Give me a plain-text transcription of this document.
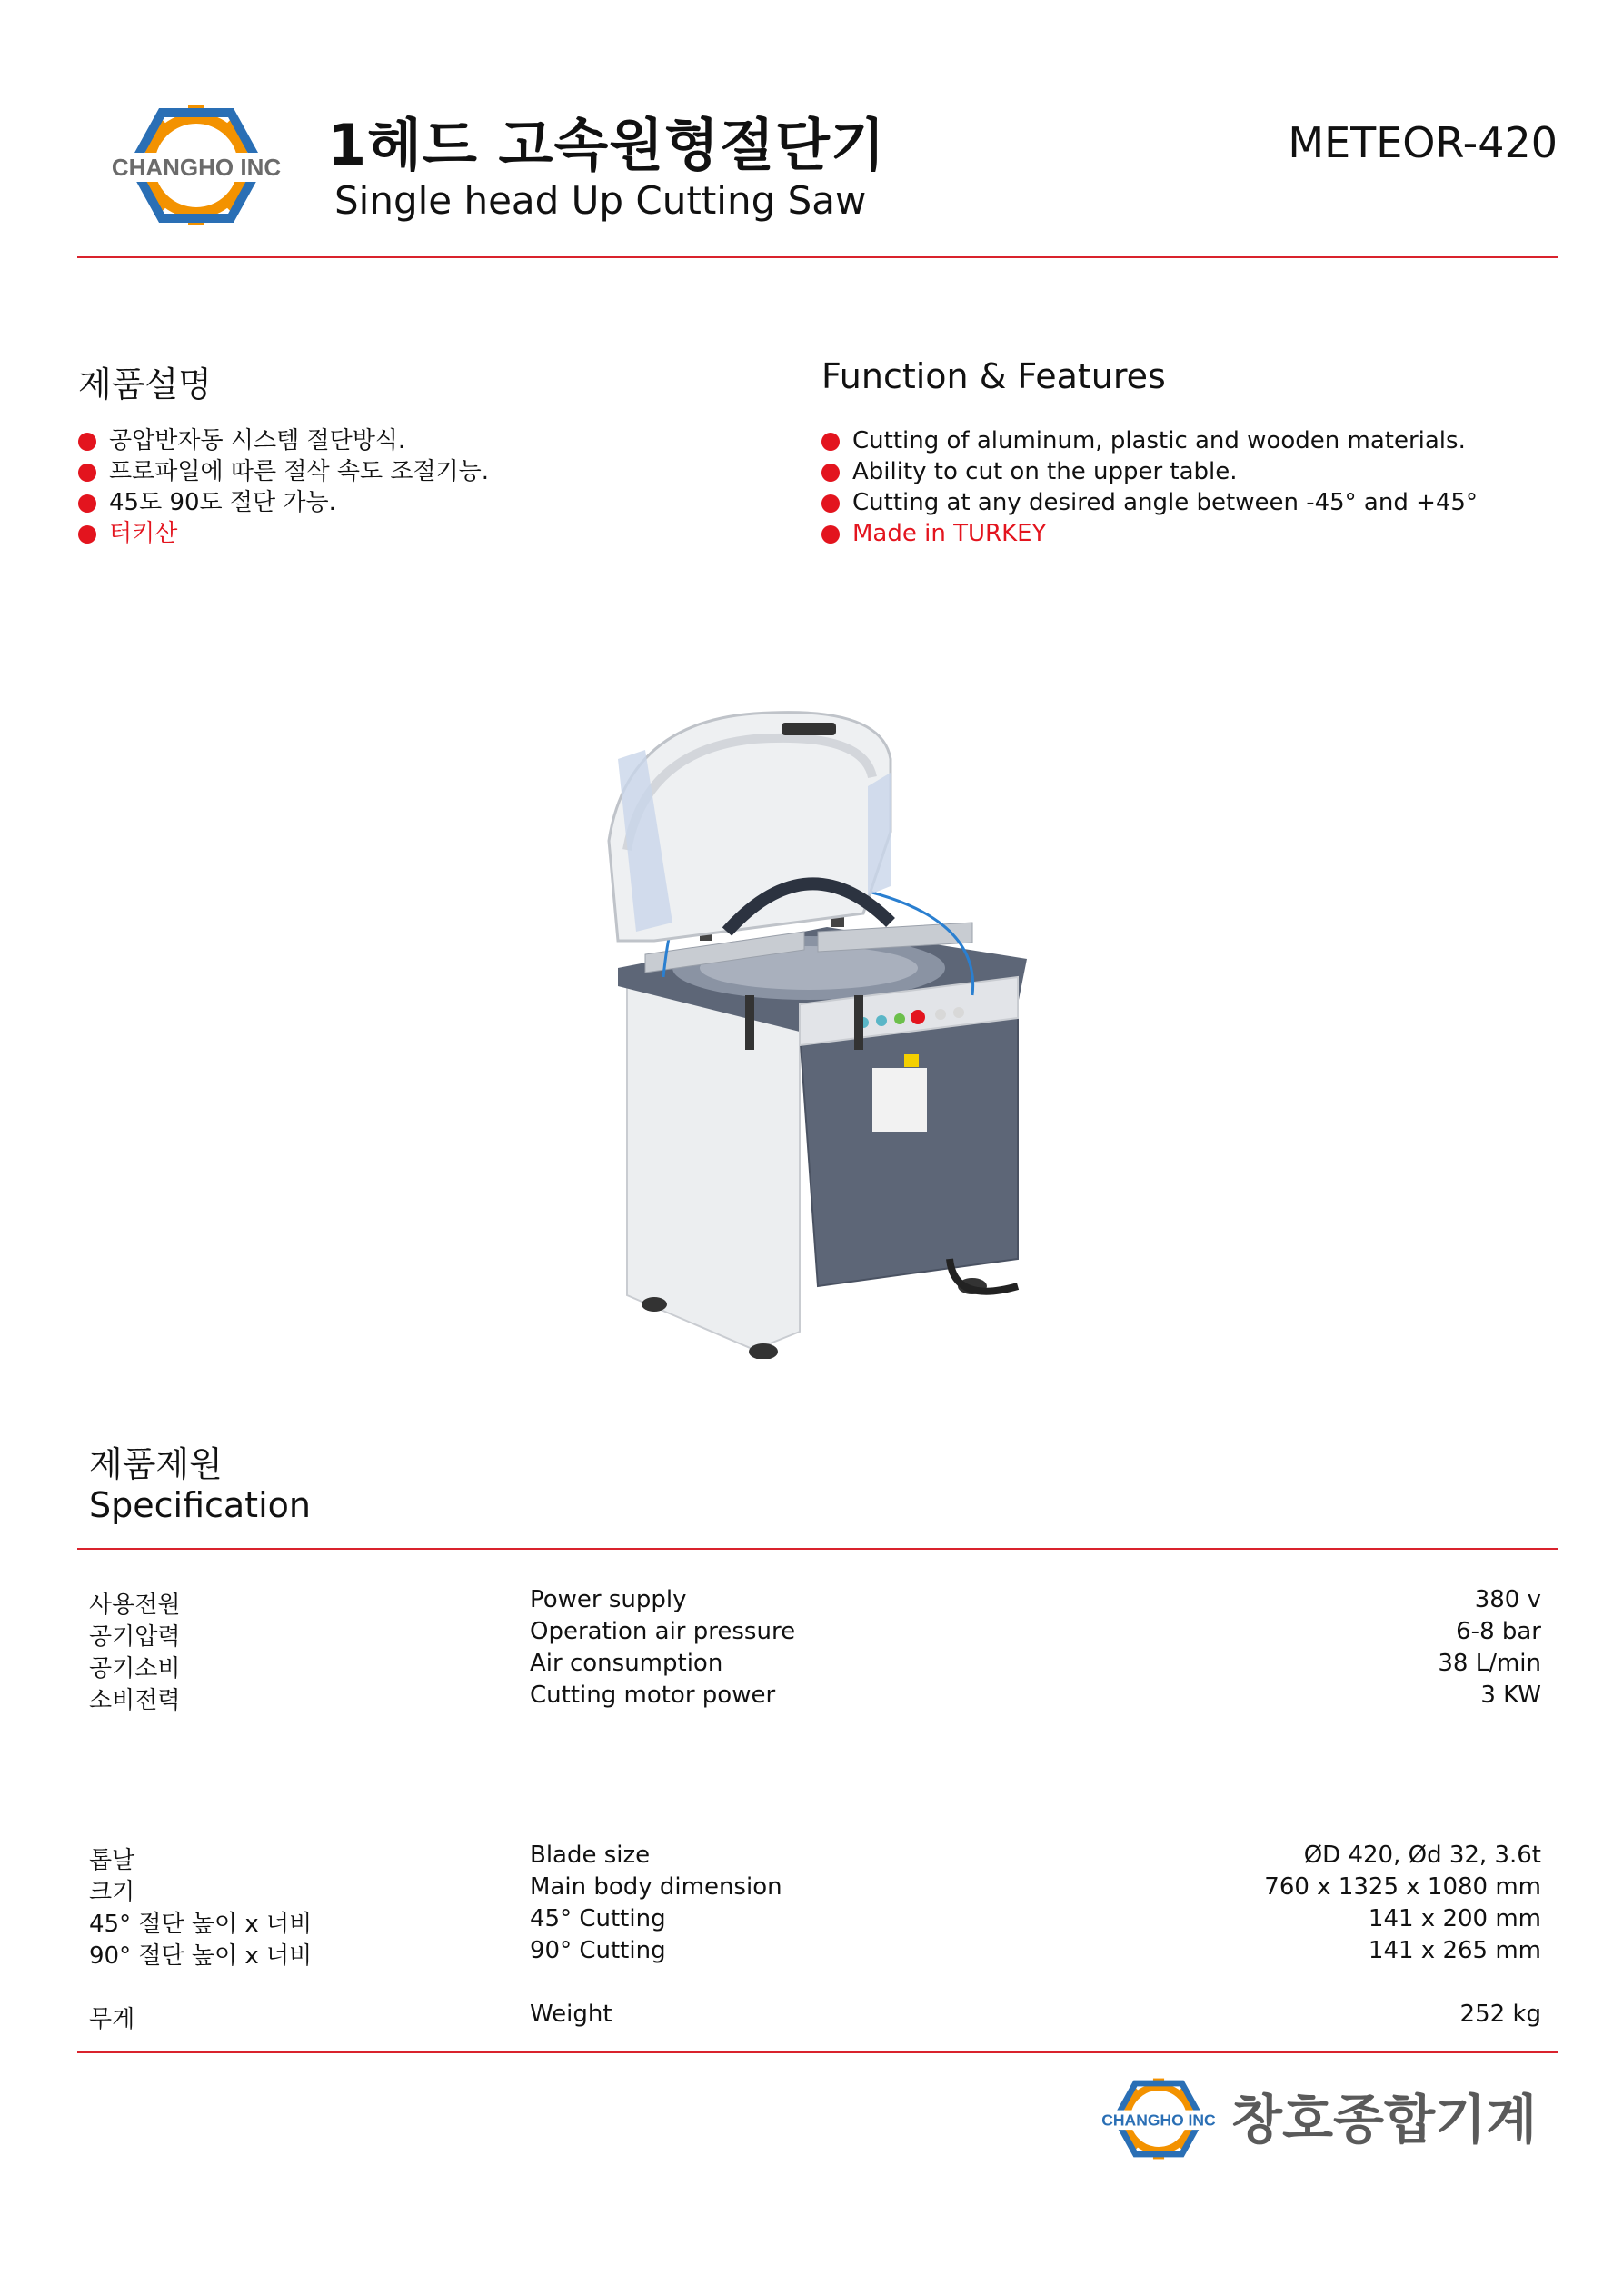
CHANGHO INC 1헤드 고속원형절단기
Single head Up Cutting Saw
METEOR-420
제품설명
공압반자동 시스템 절단방식.
프로파일에 따른 절삭 속도 조절기능.
45도 90도 절단 가능.
터키산
Function & Features
Cutting of aluminum, plastic and wooden materials.
Ability to cut on the upper table.
Cutting at any desired angle between -45° and +45°
Made in TURKEY
제품제원
Specification
사용전원	Power supply	380 v
공기압력	Operation air pressure	6-8 bar
공기소비	Air consumption	38 L/min
소비전력	Cutting motor power	3 KW
톱날	Blade size	ØD 420, Ød 32, 3.6t
크기	Main body dimension	760 x 1325 x 1080 mm
45° 절단 높이 x 너비	45° Cutting	141 x 200 mm
90° 절단 높이 x 너비	90° Cutting	141 x 265 mm
무게	Weight	252 kg
CHANGHO INC 창호종합기계
